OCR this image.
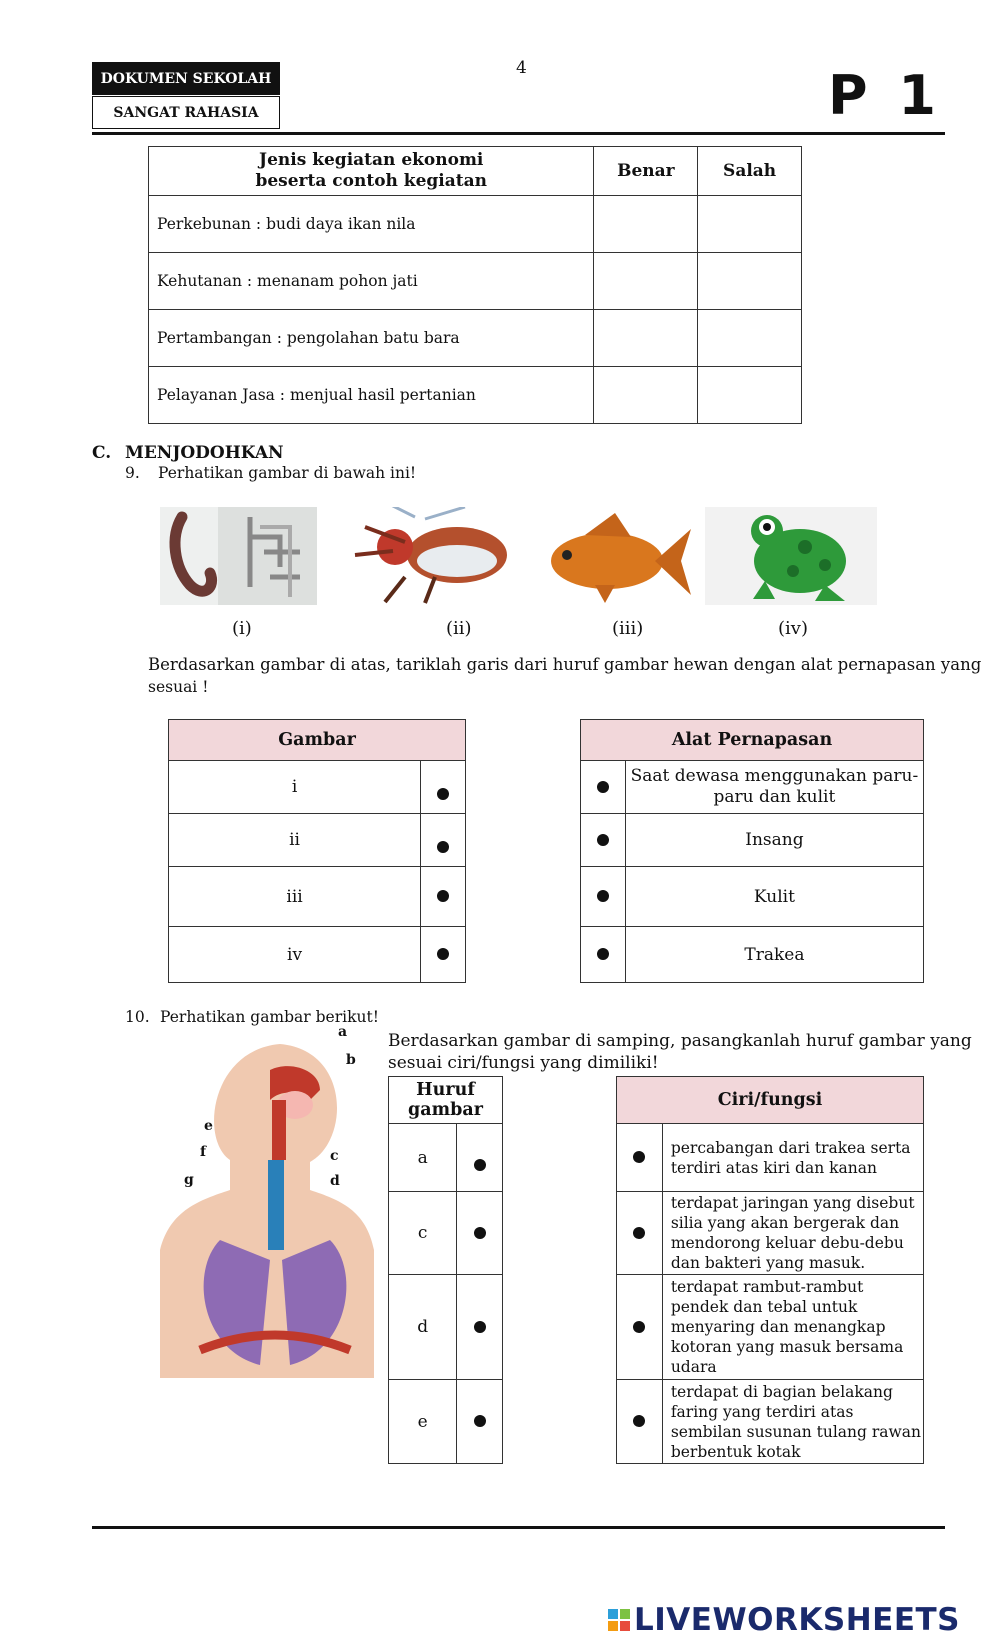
DOKUMEN SEKOLAH
SANGAT RAHASIA
4	P 1
Jenis kegiatan ekonomi
beserta contoh kegiatan	Benar	Salah
Perkebunan : budi daya ikan nila		
Kehutanan : menanam pohon jati		
Pertambangan : pengolahan batu bara		
Pelayanan Jasa : menjual hasil pertanian		
C. MENJODOHKAN
9. Perhatikan gambar di bawah ini!
(i)	(ii)	(iii)	(iv)
Berdasarkan gambar di atas, tariklah garis dari huruf gambar hewan dengan alat pernapasan yang
sesuai !
Gambar	
i	
ii	
iii	
iv	
Alat Pernapasan	

	Saat dewasa menggunakan paru-
paru dan kulit

	Insang
	Kulit
	Trakea
10. Perhatikan gambar berikut!
Berdasarkan gambar di samping, pasangkanlah huruf gambar yang
sesuai ciri/fungsi yang dimiliki!
a
b
c
d
e
f
g
Huruf
gambar	

a	
c	
d	
e	
Ciri/fungsi	
	percabangan dari trakea serta terdiri atas kiri dan kanan
	terdapat jaringan yang disebut silia yang akan bergerak dan mendorong keluar debu-debu dan bakteri yang masuk.
	terdapat rambut-rambut pendek dan tebal untuk menyaring dan menangkap kotoran yang masuk bersama udara
	terdapat di bagian belakang faring yang terdiri atas sembilan susunan tulang rawan berbentuk kotak
LIVEWORKSHEETS
